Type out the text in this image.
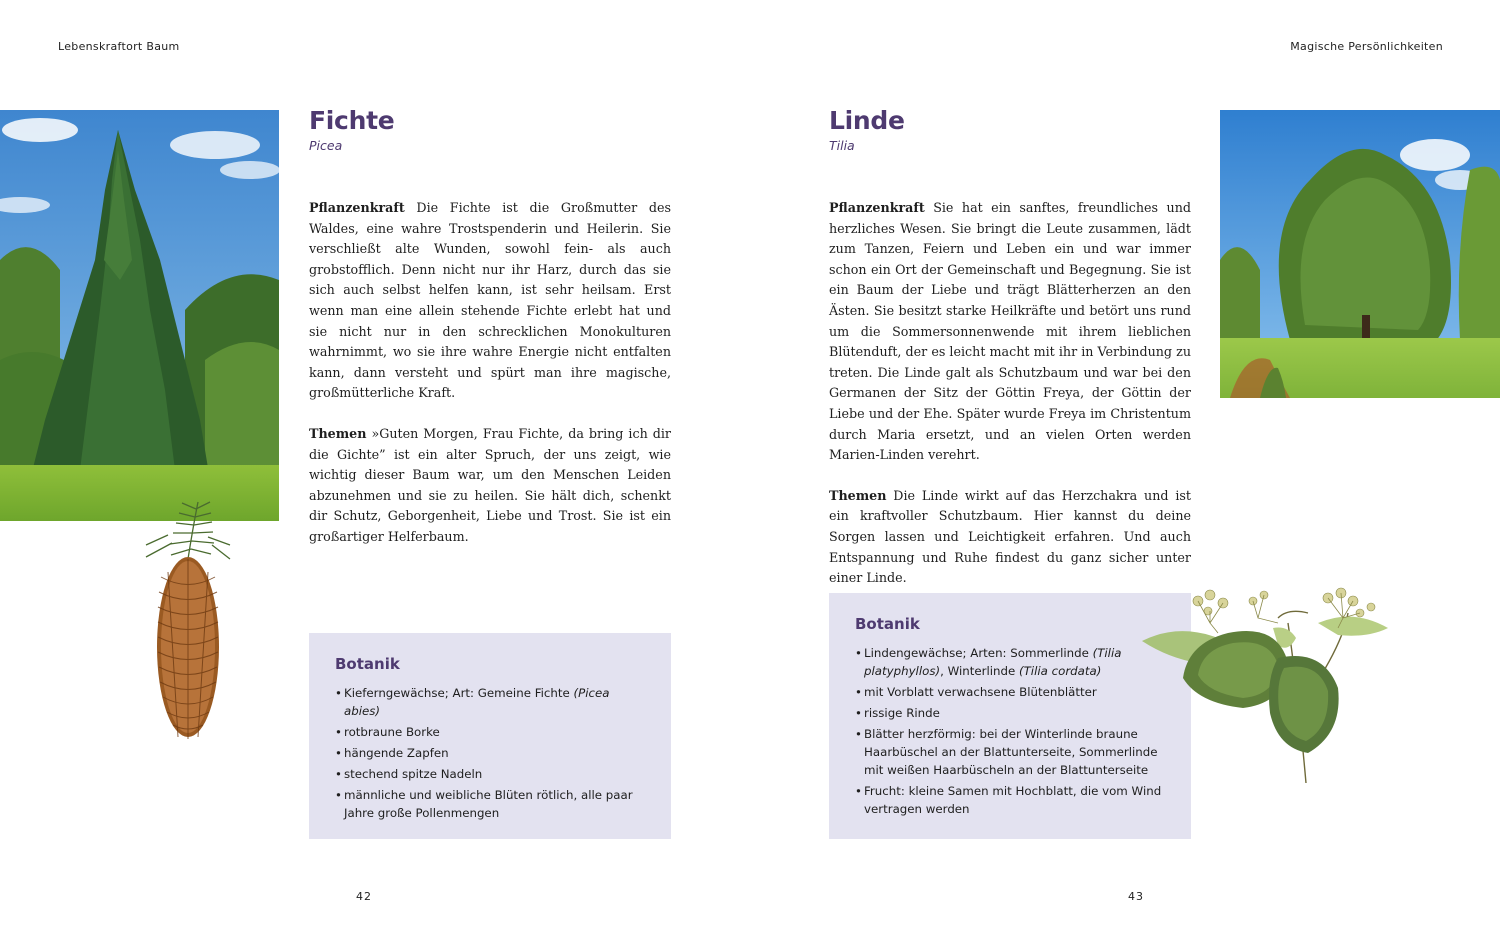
Lebenskraftort Baum	Magische Persönlichkeiten
Fichte
Picea

Pflanzenkraft Die Fichte ist die Großmutter des Waldes, eine wahre Trostspenderin und Heilerin. Sie verschließt alte Wunden, sowohl fein- als auch grobstofflich. Denn nicht nur ihr Harz, durch das sie sich auch selbst helfen kann, ist sehr heilsam. Erst wenn man eine allein stehende Fichte erlebt hat und sie nicht nur in den schrecklichen Monokulturen wahrnimmt, wo sie ihre wahre Energie nicht entfalten kann, dann versteht und spürt man ihre magische, großmütterliche Kraft.

Themen »Guten Morgen, Frau Fichte, da bring ich dir die Gichte” ist ein alter Spruch, der uns zeigt, wie wichtig dieser Baum war, um den Menschen Leiden abzunehmen und sie zu heilen. Sie hält dich, schenkt dir Schutz, Geborgenheit, Liebe und Trost. Sie ist ein großartiger Helferbaum.

Botanik
• Kieferngewächse; Art: Gemeine Fichte (Picea abies)
• rotbraune Borke
• hängende Zapfen
• stechend spitze Nadeln
• männliche und weibliche Blüten rötlich, alle paar Jahre große Pollenmengen
Linde
Tilia

Pflanzenkraft Sie hat ein sanftes, freundliches und herzliches Wesen. Sie bringt die Leute zusammen, lädt zum Tanzen, Feiern und Leben ein und war immer schon ein Ort der Gemeinschaft und Begegnung. Sie ist ein Baum der Liebe und trägt Blätterherzen an den Ästen. Sie besitzt starke Heilkräfte und betört uns rund um die Sommersonnenwende mit ihrem lieblichen Blütenduft, der es leicht macht mit ihr in Verbindung zu treten. Die Linde galt als Schutzbaum und war bei den Germanen der Sitz der Göttin Freya, der Göttin der Liebe und der Ehe. Später wurde Freya im Christentum durch Maria ersetzt, und an vielen Orten werden Marien-Linden verehrt.

Themen Die Linde wirkt auf das Herzchakra und ist ein kraftvoller Schutzbaum. Hier kannst du deine Sorgen lassen und Leichtigkeit erfahren. Und auch Entspannung und Ruhe findest du ganz sicher unter einer Linde.

Botanik
• Lindengewächse; Arten: Sommerlinde (Tilia platyphyllos), Winterlinde (Tilia cordata)
• mit Vorblatt verwachsene Blütenblätter
• rissige Rinde
• Blätter herzförmig: bei der Winterlinde braune Haarbüschel an der Blattunterseite, Sommerlinde mit weißen Haarbüscheln an der Blattunterseite
• Frucht: kleine Samen mit Hochblatt, die vom Wind vertragen werden
42	43
